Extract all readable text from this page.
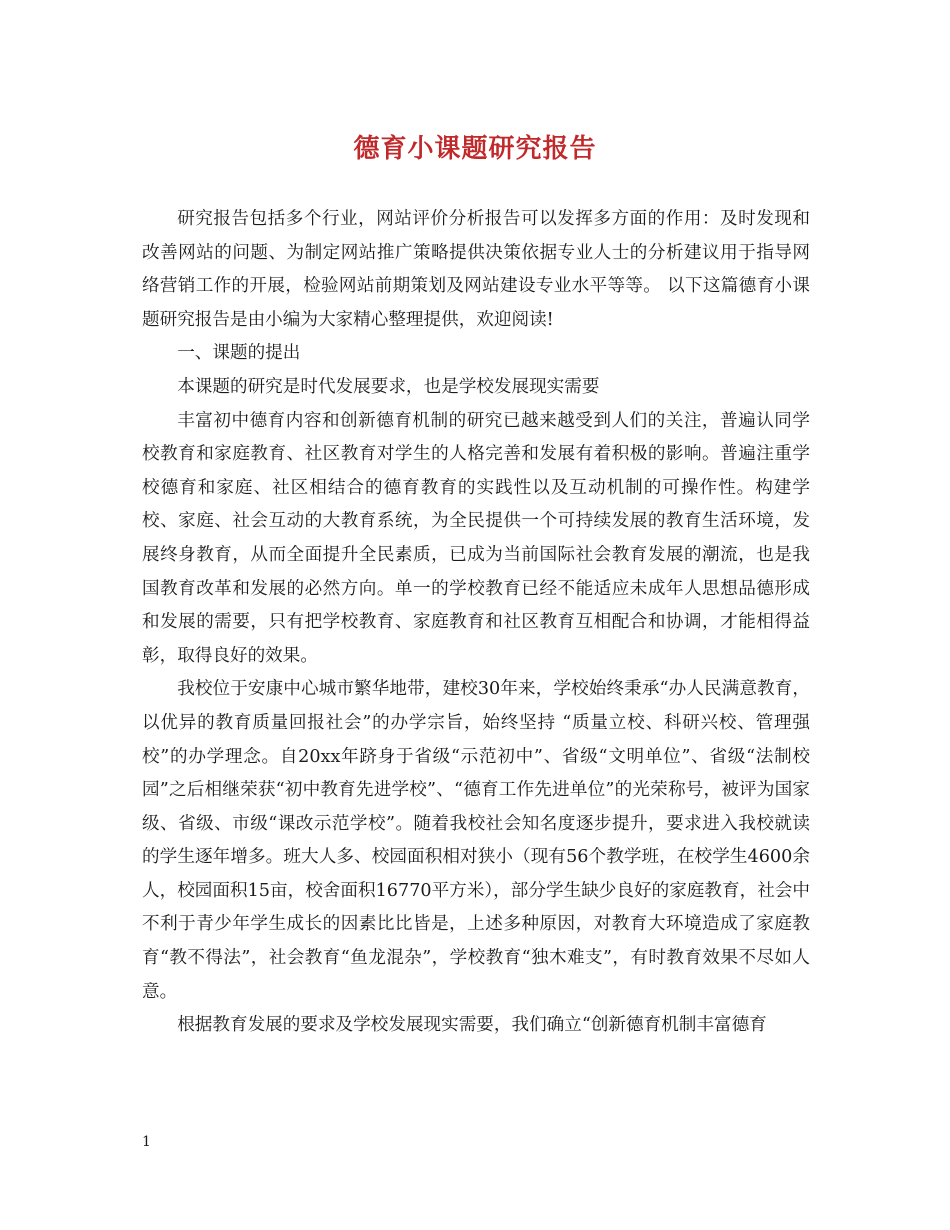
德育小课题研究报告

研究报告包括多个行业，网站评价分析报告可以发挥多方面的作用：及时发现和改善网站的问题、为制定网站推广策略提供决策依据专业人士的分析建议用于指导网络营销工作的开展，检验网站前期策划及网站建设专业水平等等。 以下这篇德育小课题研究报告是由小编为大家精心整理提供，欢迎阅读!

一、课题的提出

本课题的研究是时代发展要求，也是学校发展现实需要

丰富初中德育内容和创新德育机制的研究已越来越受到人们的关注，普遍认同学校教育和家庭教育、社区教育对学生的人格完善和发展有着积极的影响。普遍注重学校德育和家庭、社区相结合的德育教育的实践性以及互动机制的可操作性。构建学校、家庭、社会互动的大教育系统，为全民提供一个可持续发展的教育生活环境，发展终身教育，从而全面提升全民素质，已成为当前国际社会教育发展的潮流，也是我国教育改革和发展的必然方向。单一的学校教育已经不能适应未成年人思想品德形成和发展的需要，只有把学校教育、家庭教育和社区教育互相配合和协调，才能相得益彰，取得良好的效果。

我校位于安康中心城市繁华地带，建校30年来，学校始终秉承“办人民满意教育，以优异的教育质量回报社会”的办学宗旨，始终坚持 “质量立校、科研兴校、管理强校”的办学理念。自20xx年跻身于省级“示范初中”、省级“文明单位”、省级“法制校园”之后相继荣获“初中教育先进学校”、“德育工作先进单位”的光荣称号，被评为国家级、省级、市级“课改示范学校”。随着我校社会知名度逐步提升，要求进入我校就读的学生逐年增多。班大人多、校园面积相对狭小（现有56个教学班，在校学生4600余人，校园面积15亩，校舍面积16770平方米），部分学生缺少良好的家庭教育，社会中不利于青少年学生成长的因素比比皆是，上述多种原因，对教育大环境造成了家庭教育“教不得法”，社会教育“鱼龙混杂”，学校教育“独木难支”，有时教育效果不尽如人意。

根据教育发展的要求及学校发展现实需要，我们确立“创新德育机制丰富德育

1
